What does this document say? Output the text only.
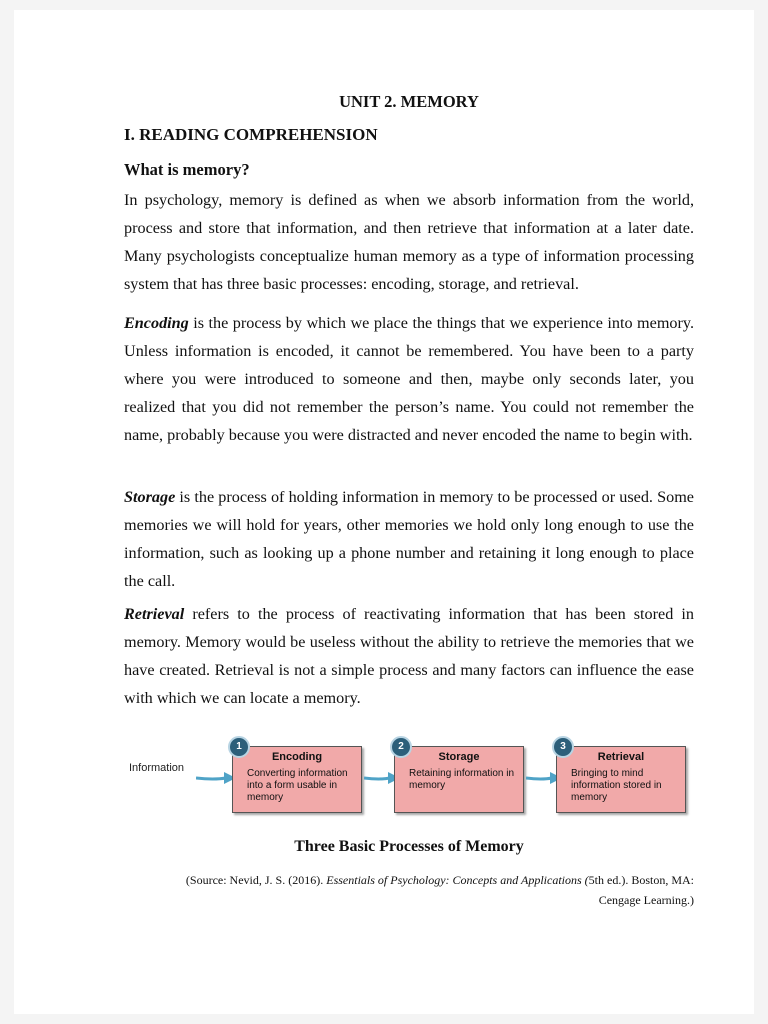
UNIT 2. MEMORY
I. READING COMPREHENSION
What is memory?

In psychology, memory is defined as when we absorb information from the world, process and store that information, and then retrieve that information at a later date. Many psychologists conceptualize human memory as a type of information processing system that has three basic processes: encoding, storage, and retrieval.

Encoding is the process by which we place the things that we experience into memory. Unless information is encoded, it cannot be remembered. You have been to a party where you were introduced to someone and then, maybe only seconds later, you realized that you did not remember the person’s name. You could not remember the name, probably because you were distracted and never encoded the name to begin with.

Storage is the process of holding information in memory to be processed or used. Some memories we will hold for years, other memories we hold only long enough to use the information, such as looking up a phone number and retaining it long enough to place the call.

Retrieval refers to the process of reactivating information that has been stored in memory. Memory would be useless without the ability to retrieve the memories that we have created. Retrieval is not a simple process and many factors can influence the ease with which we can locate a memory.

Information
Encoding
Converting information into a form usable in memory
1
Storage
Retaining information in memory
2
Retrieval
Bringing to mind information stored in memory
3
Three Basic Processes of Memory
(Source: Nevid, J. S. (2016). Essentials of Psychology: Concepts and Applications (5th ed.). Boston, MA:
Cengage Learning.)
